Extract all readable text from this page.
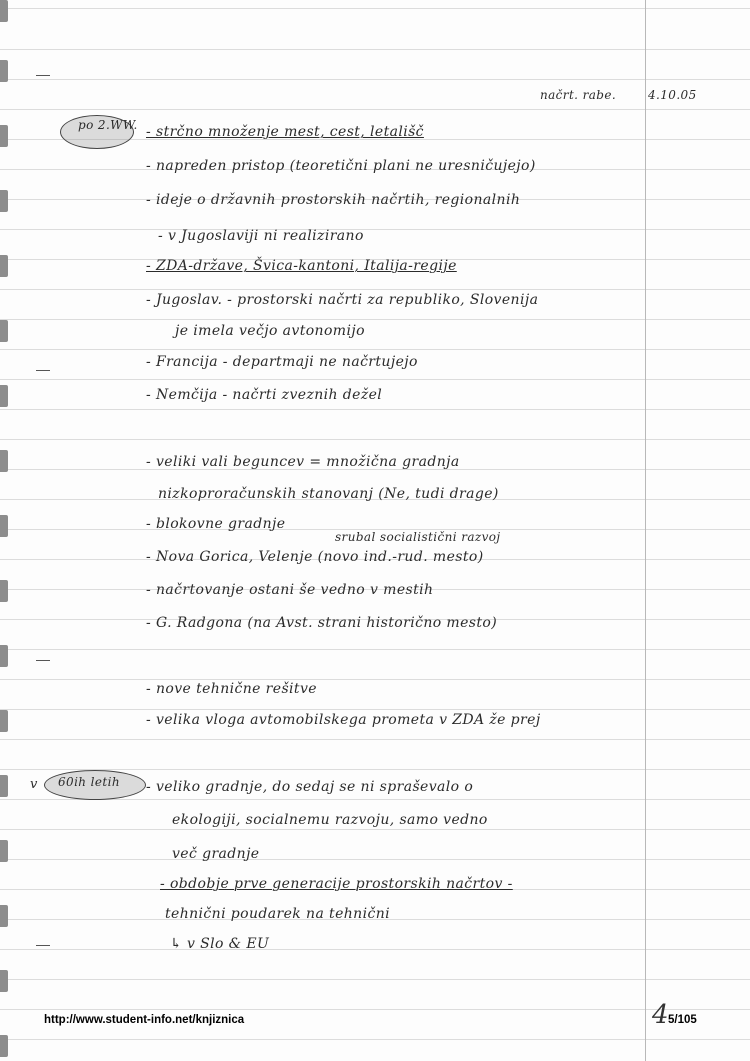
načrt. rabe.	4.10.05
po 2.WW.
v 60ih letih
- strčno množenje mest, cest, letališč
- napreden pristop (teoretični plani ne uresničujejo)
- ideje o državnih prostorskih načrtih, regionalnih
- v Jugoslaviji ni realizirano
- ZDA-države, Švica-kantoni, Italija-regije
- Jugoslav. - prostorski načrti za republiko, Slovenija
je imela večjo avtonomijo
- Francija - departmaji ne načrtujejo
- Nemčija - načrti zveznih dežel
- veliki vali beguncev = množična gradnja
nizkoproračunskih stanovanj (Ne, tudi drage)
- blokovne gradnje
srubal socialistični razvoj
- Nova Gorica, Velenje (novo ind.-rud. mesto)
- načrtovanje ostani še vedno v mestih
- G. Radgona (na Avst. strani historično mesto)
- nove tehnične rešitve
- velika vloga avtomobilskega prometa v ZDA že prej
- veliko gradnje, do sedaj se ni spraševalo o
ekologiji, socialnemu razvoju, samo vedno
več gradnje
- obdobje prve generacije prostorskih načrtov -
tehnični poudarek na tehnični
↳ v Slo & EU
http://www.student-info.net/knjiznica	4 5/105
